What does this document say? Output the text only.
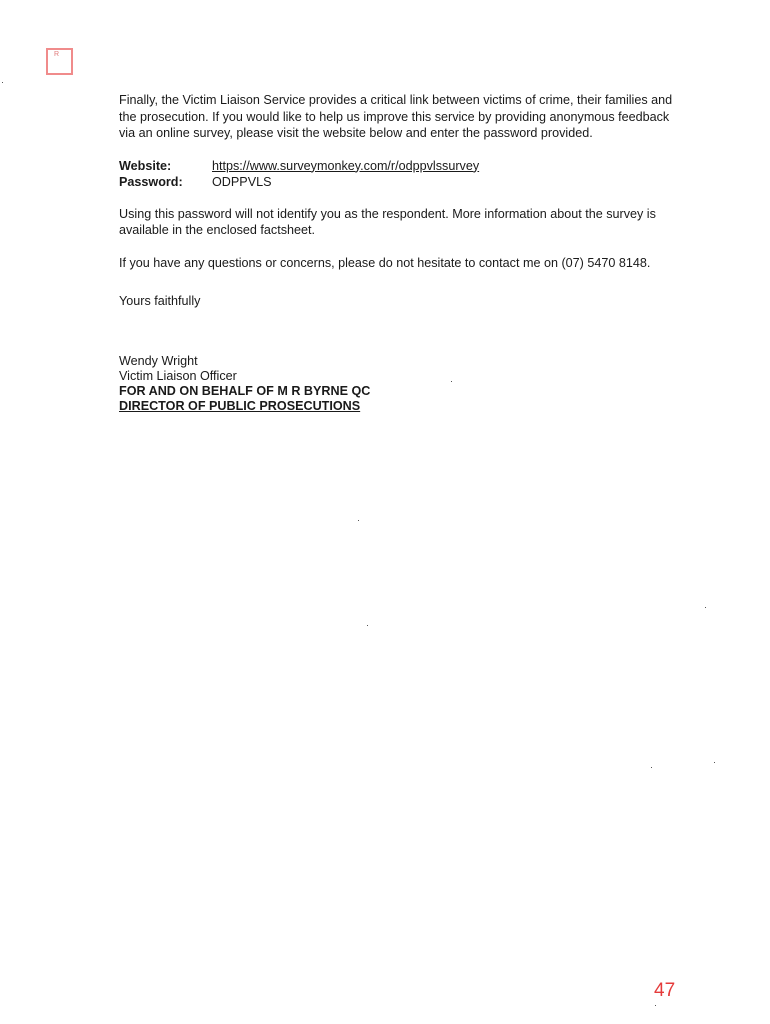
R

Finally, the Victim Liaison Service provides a critical link between victims of crime, their families and the prosecution. If you would like to help us improve this service by providing anonymous feedback via an online survey, please visit the website below and enter the password provided.

Website:	https://www.surveymonkey.com/r/odppvlssurvey
Password:	ODPPVLS

Using this password will not identify you as the respondent. More information about the survey is available in the enclosed factsheet.

If you have any questions or concerns, please do not hesitate to contact me on (07) 5470 8148.

Yours faithfully
Wendy Wright
Victim Liaison Officer
FOR AND ON BEHALF OF M R BYRNE QC
DIRECTOR OF PUBLIC PROSECUTIONS
47
